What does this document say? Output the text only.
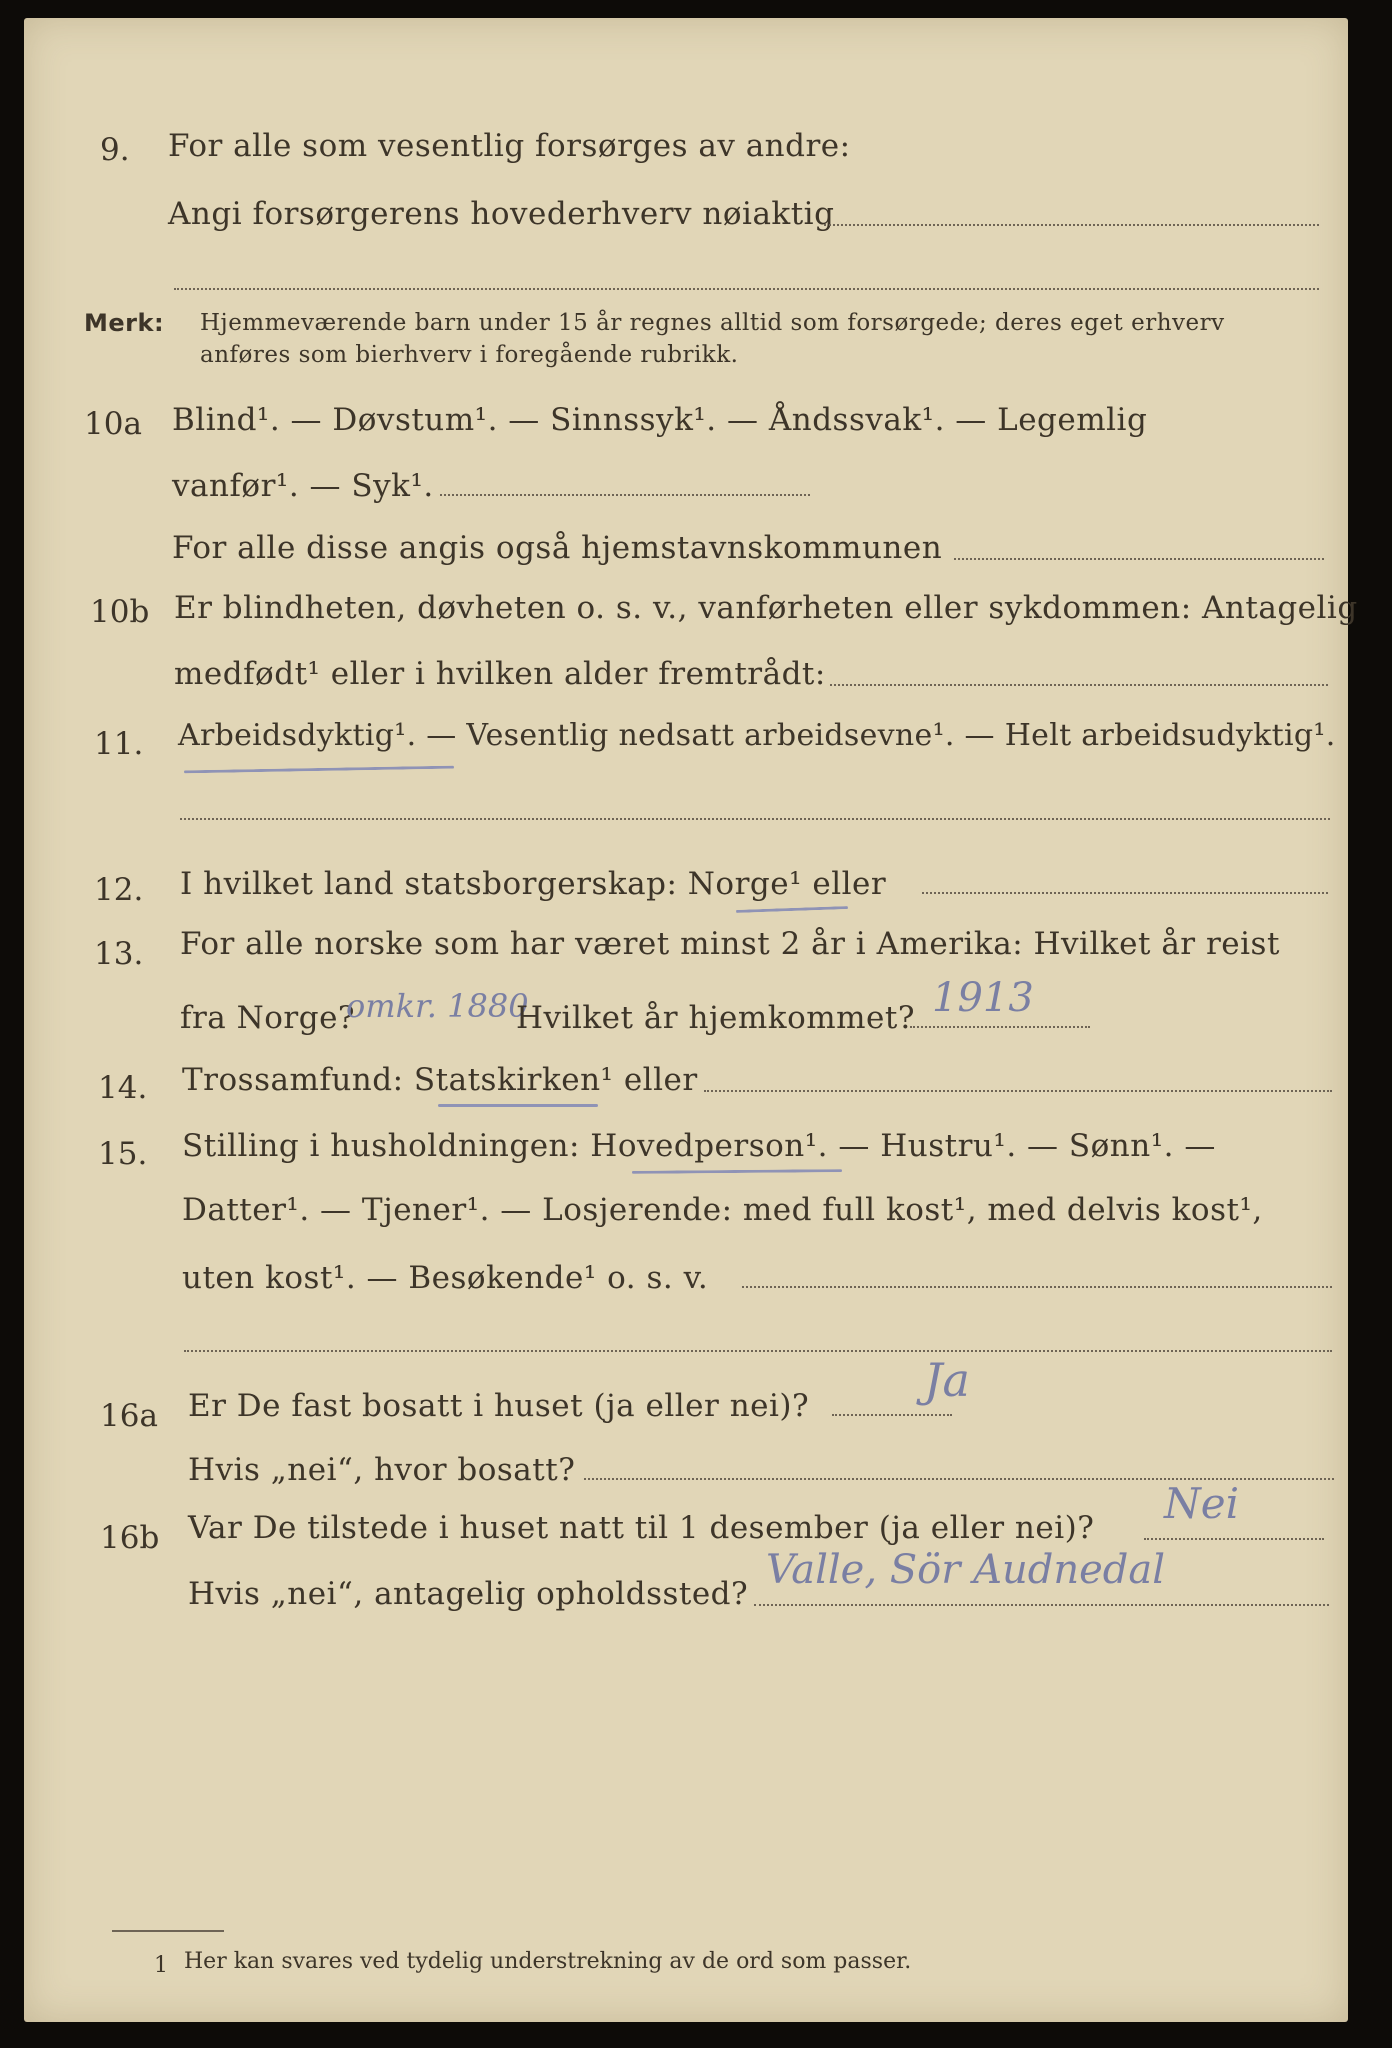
9. For alle som vesentlig forsørges av andre:
Angi forsørgerens hovederhverv nøiaktig
Merk: Hjemmeværende barn under 15 år regnes alltid som forsørgede; deres eget erhverv
anføres som bierhverv i foregående rubrikk.
10a Blind¹. — Døvstum¹. — Sinnssyk¹. — Åndssvak¹. — Legemlig
vanfør¹. — Syk¹.
For alle disse angis også hjemstavnskommunen
10b Er blindheten, døvheten o. s. v., vanførheten eller sykdommen: Antagelig
medfødt¹ eller i hvilken alder fremtrådt:
11. Arbeidsdyktig¹. — Vesentlig nedsatt arbeidsevne¹. — Helt arbeidsudyktig¹.
12. I hvilket land statsborgerskap: Norge¹ eller
13. For alle norske som har været minst 2 år i Amerika: Hvilket år reist
fra Norge?
omkr. 1880
Hvilket år hjemkommet? 1913
14. Trossamfund: Statskirken¹ eller
15. Stilling i husholdningen: Hovedperson¹. — Hustru¹. — Sønn¹. —
Datter¹. — Tjener¹. — Losjerende: med full kost¹, med delvis kost¹,
uten kost¹. — Besøkende¹ o. s. v.
16a Er De fast bosatt i huset (ja eller nei)? Ja
Hvis „nei“, hvor bosatt?
16b Var De tilstede i huset natt til 1 desember (ja eller nei)? Nei
Hvis „nei“, antagelig opholdssted?
Valle, Sör Audnedal
1 Her kan svares ved tydelig understrekning av de ord som passer.
